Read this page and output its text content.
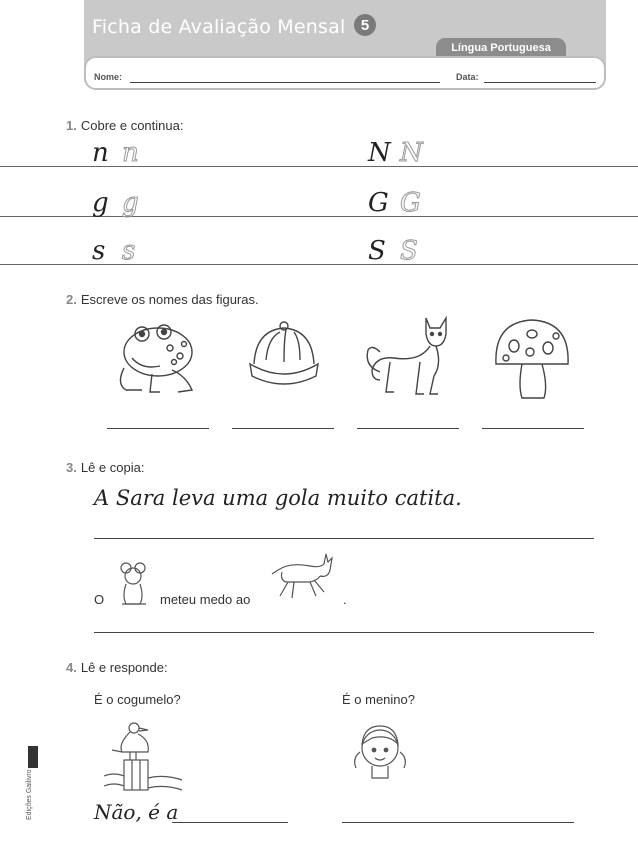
Ficha de Avaliação Mensal	5
Língua Portuguesa
Nome:	Data:
1. Cobre e continua:
n n	N N
g g	G G
s s	S S
2. Escreve os nomes das figuras.
3. Lê e copia:
A Sara leva uma gola muito catita.
O	meteu medo ao	.
4. Lê e responde:
É o cogumelo?	É o menino?
Não, é a
Edições Gailivro
